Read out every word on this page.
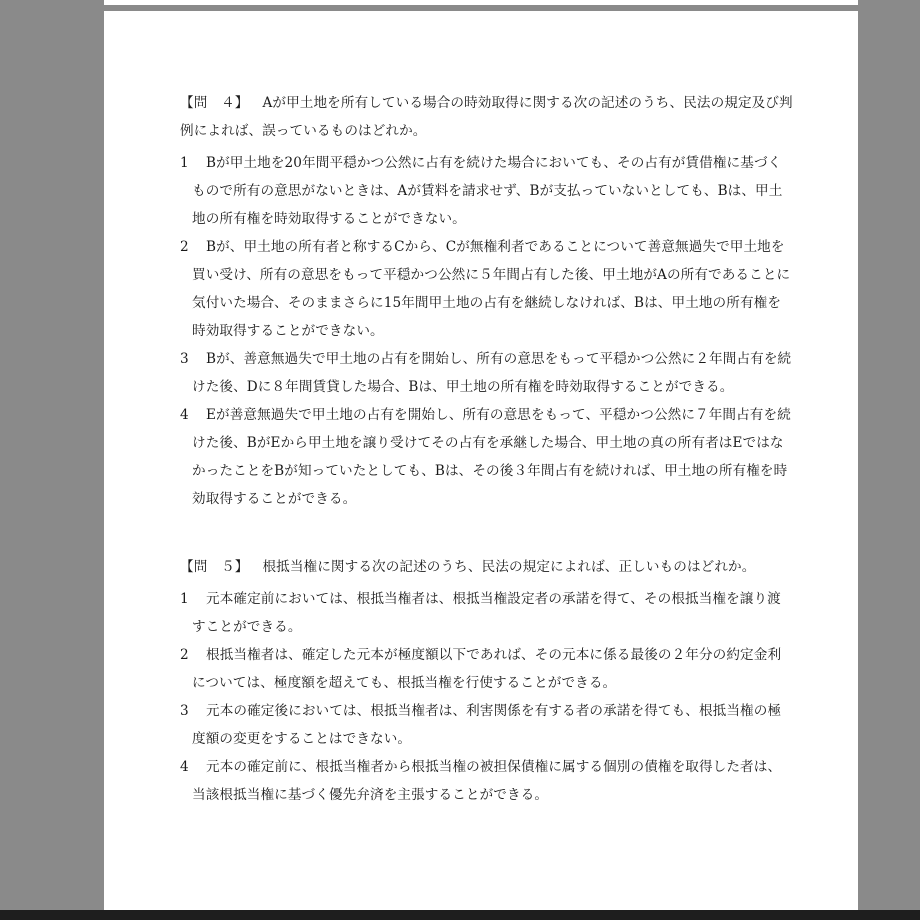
【問　４】 Aが甲土地を所有している場合の時効取得に関する次の記述のうち、民法の規定及び判例によれば、誤っているものはどれか。

1 Bが甲土地を20年間平穏かつ公然に占有を続けた場合においても、その占有が賃借権に基づくもので所有の意思がないときは、Aが賃料を請求せず、Bが支払っていないとしても、Bは、甲土地の所有権を時効取得することができない。

2 Bが、甲土地の所有者と称するCから、Cが無権利者であることについて善意無過失で甲土地を買い受け、所有の意思をもって平穏かつ公然に５年間占有した後、甲土地がAの所有であることに気付いた場合、そのままさらに15年間甲土地の占有を継続しなければ、Bは、甲土地の所有権を時効取得することができない。

3 Bが、善意無過失で甲土地の占有を開始し、所有の意思をもって平穏かつ公然に２年間占有を続けた後、Dに８年間賃貸した場合、Bは、甲土地の所有権を時効取得することができる。

4 Eが善意無過失で甲土地の占有を開始し、所有の意思をもって、平穏かつ公然に７年間占有を続けた後、BがEから甲土地を譲り受けてその占有を承継した場合、甲土地の真の所有者はEではなかったことをBが知っていたとしても、Bは、その後３年間占有を続ければ、甲土地の所有権を時効取得することができる。

【問　５】 根抵当権に関する次の記述のうち、民法の規定によれば、正しいものはどれか。

1 元本確定前においては、根抵当権者は、根抵当権設定者の承諾を得て、その根抵当権を譲り渡すことができる。

2 根抵当権者は、確定した元本が極度額以下であれば、その元本に係る最後の２年分の約定金利については、極度額を超えても、根抵当権を行使することができる。

3 元本の確定後においては、根抵当権者は、利害関係を有する者の承諾を得ても、根抵当権の極度額の変更をすることはできない。

4 元本の確定前に、根抵当権者から根抵当権の被担保債権に属する個別の債権を取得した者は、当該根抵当権に基づく優先弁済を主張することができる。
